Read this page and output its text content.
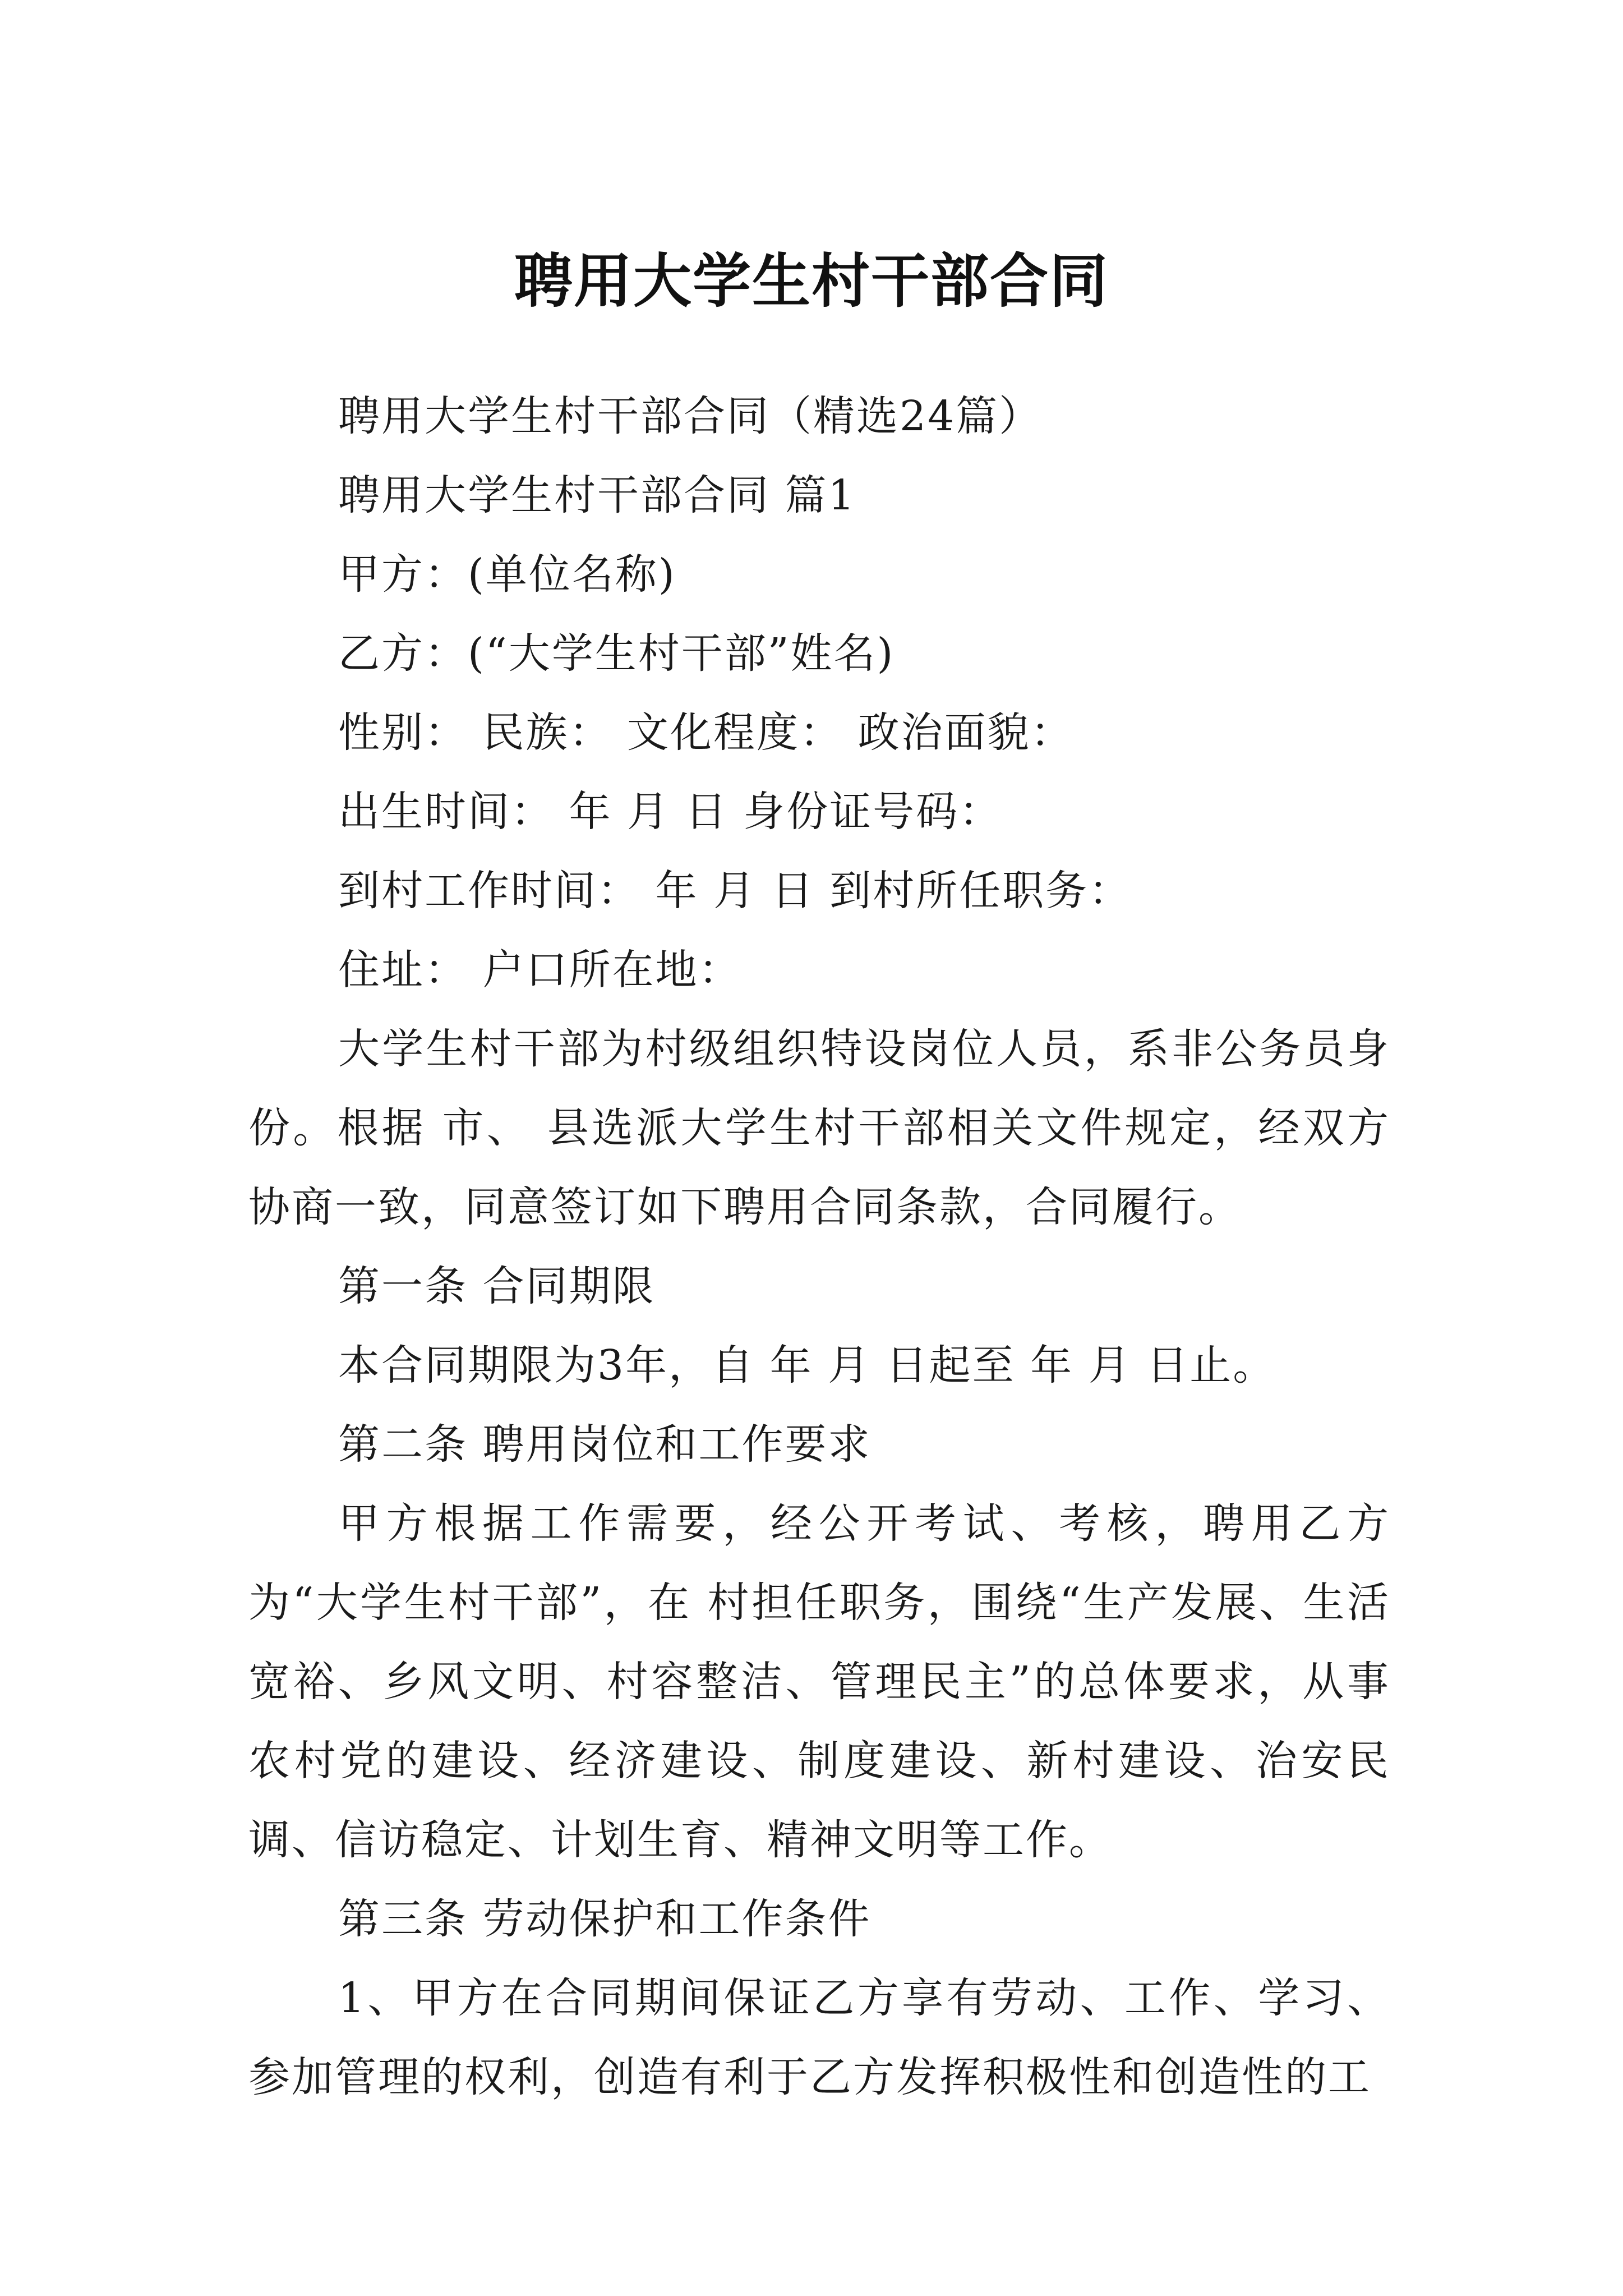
聘用大学生村干部合同

聘用大学生村干部合同（精选24篇）

聘用大学生村干部合同 篇1

甲方：(单位名称)

乙方：(“大学生村干部”姓名)

性别： 民族： 文化程度： 政治面貌：

出生时间： 年 月 日 身份证号码：

到村工作时间： 年 月 日 到村所任职务：

住址： 户口所在地：

大学生村干部为村级组织特设岗位人员，系非公务员身份。根据 市、 县选派大学生村干部相关文件规定，经双方协商一致，同意签订如下聘用合同条款，合同履行。

第一条 合同期限

本合同期限为3年，自 年 月 日起至 年 月 日止。

第二条 聘用岗位和工作要求

甲方根据工作需要，经公开考试、考核，聘用乙方为“大学生村干部”，在 村担任职务，围绕“生产发展、生活宽裕、乡风文明、村容整洁、管理民主”的总体要求，从事农村党的建设、经济建设、制度建设、新村建设、治安民调、信访稳定、计划生育、精神文明等工作。

第三条 劳动保护和工作条件

1、甲方在合同期间保证乙方享有劳动、工作、学习、参加管理的权利，创造有利于乙方发挥积极性和创造性的工
